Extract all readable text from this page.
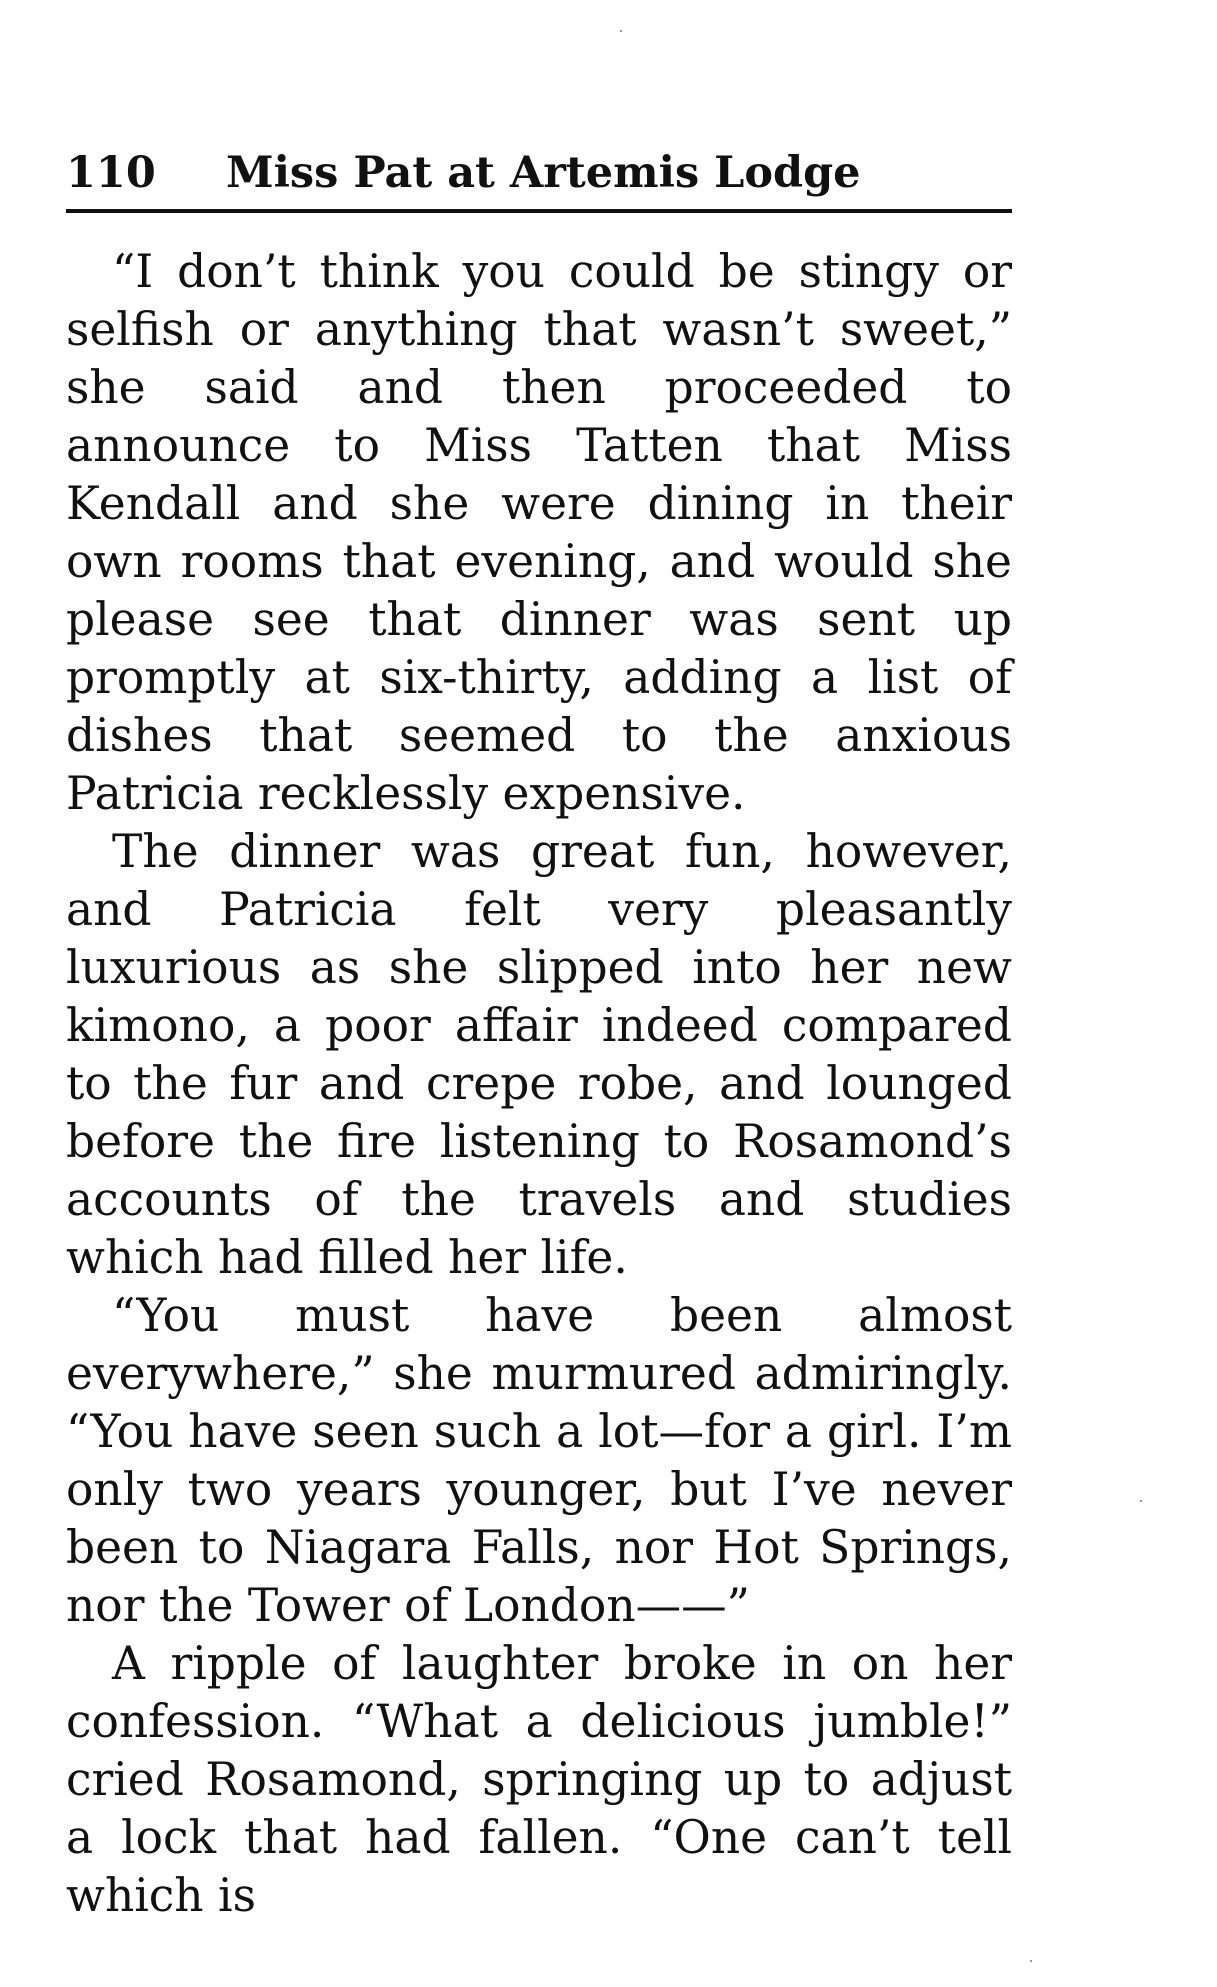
110	Miss Pat at Artemis Lodge

“I don’t think you could be stingy or selfish or anything that wasn’t sweet,” she said and then proceeded to announce to Miss Tatten that Miss Kendall and she were dining in their own rooms that evening, and would she please see that dinner was sent up promptly at six-thirty, adding a list of dishes that seemed to the anxious Patricia recklessly expensive.

The dinner was great fun, however, and Patricia felt very pleasantly luxurious as she slipped into her new kimono, a poor affair indeed compared to the fur and crepe robe, and lounged before the fire listening to Rosamond’s accounts of the travels and studies which had filled her life.

“You must have been almost everywhere,” she murmured admiringly. “You have seen such a lot—for a girl. I’m only two years younger, but I’ve never been to Niagara Falls, nor Hot Springs, nor the Tower of London——”

A ripple of laughter broke in on her confession. “What a delicious jumble!” cried Rosamond, springing up to adjust a lock that had fallen. “One can’t tell which is
